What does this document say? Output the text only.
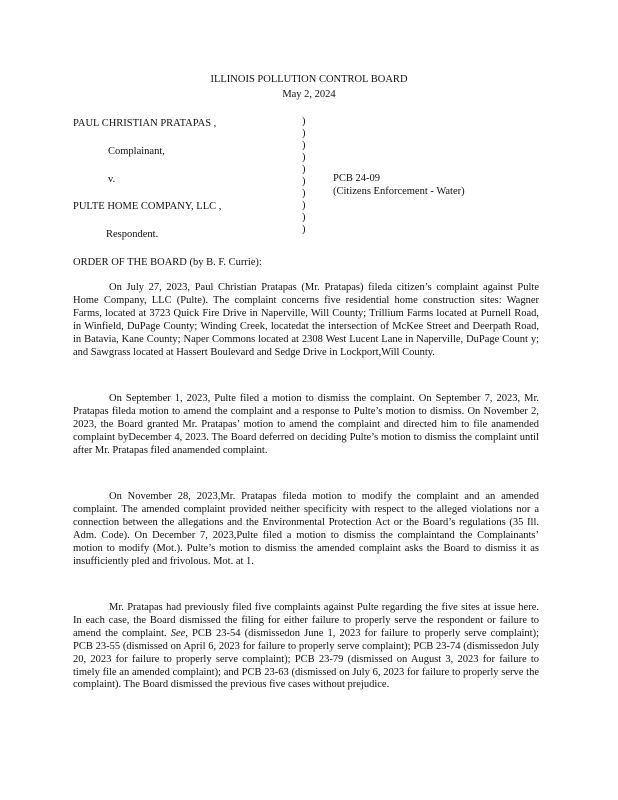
ILLINOIS POLLUTION CONTROL BOARD
May 2, 2024
PAUL CHRISTIAN PRATAPAS ,
Complainant,
v.
PULTE HOME COMPANY, LLC ,
Respondent.
)
)
)
)
)
)
)
)
)
)
PCB 24-09
(Citizens Enforcement - Water)
ORDER OF THE BOARD (by B. F. Currie):

On July 27, 2023, Paul Christian Pratapas (Mr. Pratapas) fileda citizen’s complaint against Pulte Home Company, LLC (Pulte). The complaint concerns five residential home construction sites: Wagner Farms, located at 3723 Quick Fire Drive in Naperville, Will County; Trillium Farms located at Purnell Road, in Winfield, DuPage County; Winding Creek, locatedat the intersection of McKee Street and Deerpath Road, in Batavia, Kane County; Naper Commons located at 2308 West Lucent Lane in Naperville, DuPage Count y; and Sawgrass located at Hassert Boulevard and Sedge Drive in Lockport,Will County.

On September 1, 2023, Pulte filed a motion to dismiss the complaint. On September 7, 2023, Mr. Pratapas fileda motion to amend the complaint and a response to Pulte’s motion to dismiss. On November 2, 2023, the Board granted Mr. Pratapas’ motion to amend the complaint and directed him to file anamended complaint byDecember 4, 2023. The Board deferred on deciding Pulte’s motion to dismiss the complaint until after Mr. Pratapas filed anamended complaint.

On November 28, 2023,Mr. Pratapas fileda motion to modify the complaint and an amended complaint. The amended complaint provided neither specificity with respect to the alleged violations nor a connection between the allegations and the Environmental Protection Act or the Board’s regulations (35 Ill. Adm. Code). On December 7, 2023,Pulte filed a motion to dismiss the complaintand the Complainants’ motion to modify (Mot.). Pulte’s motion to dismiss the amended complaint asks the Board to dismiss it as insufficiently pled and frivolous. Mot. at 1.

Mr. Pratapas had previously filed five complaints against Pulte regarding the five sites at issue here. In each case, the Board dismissed the filing for either failure to properly serve the respondent or failure to amend the complaint. See, PCB 23-54 (dismissedon June 1, 2023 for failure to properly serve complaint); PCB 23-55 (dismissed on April 6, 2023 for failure to properly serve complaint); PCB 23-74 (dismissedon July 20, 2023 for failure to properly serve complaint); PCB 23-79 (dismissed on August 3, 2023 for failure to timely file an amended complaint); and PCB 23-63 (dismissed on July 6, 2023 for failure to properly serve the complaint). The Board dismissed the previous five cases without prejudice.
